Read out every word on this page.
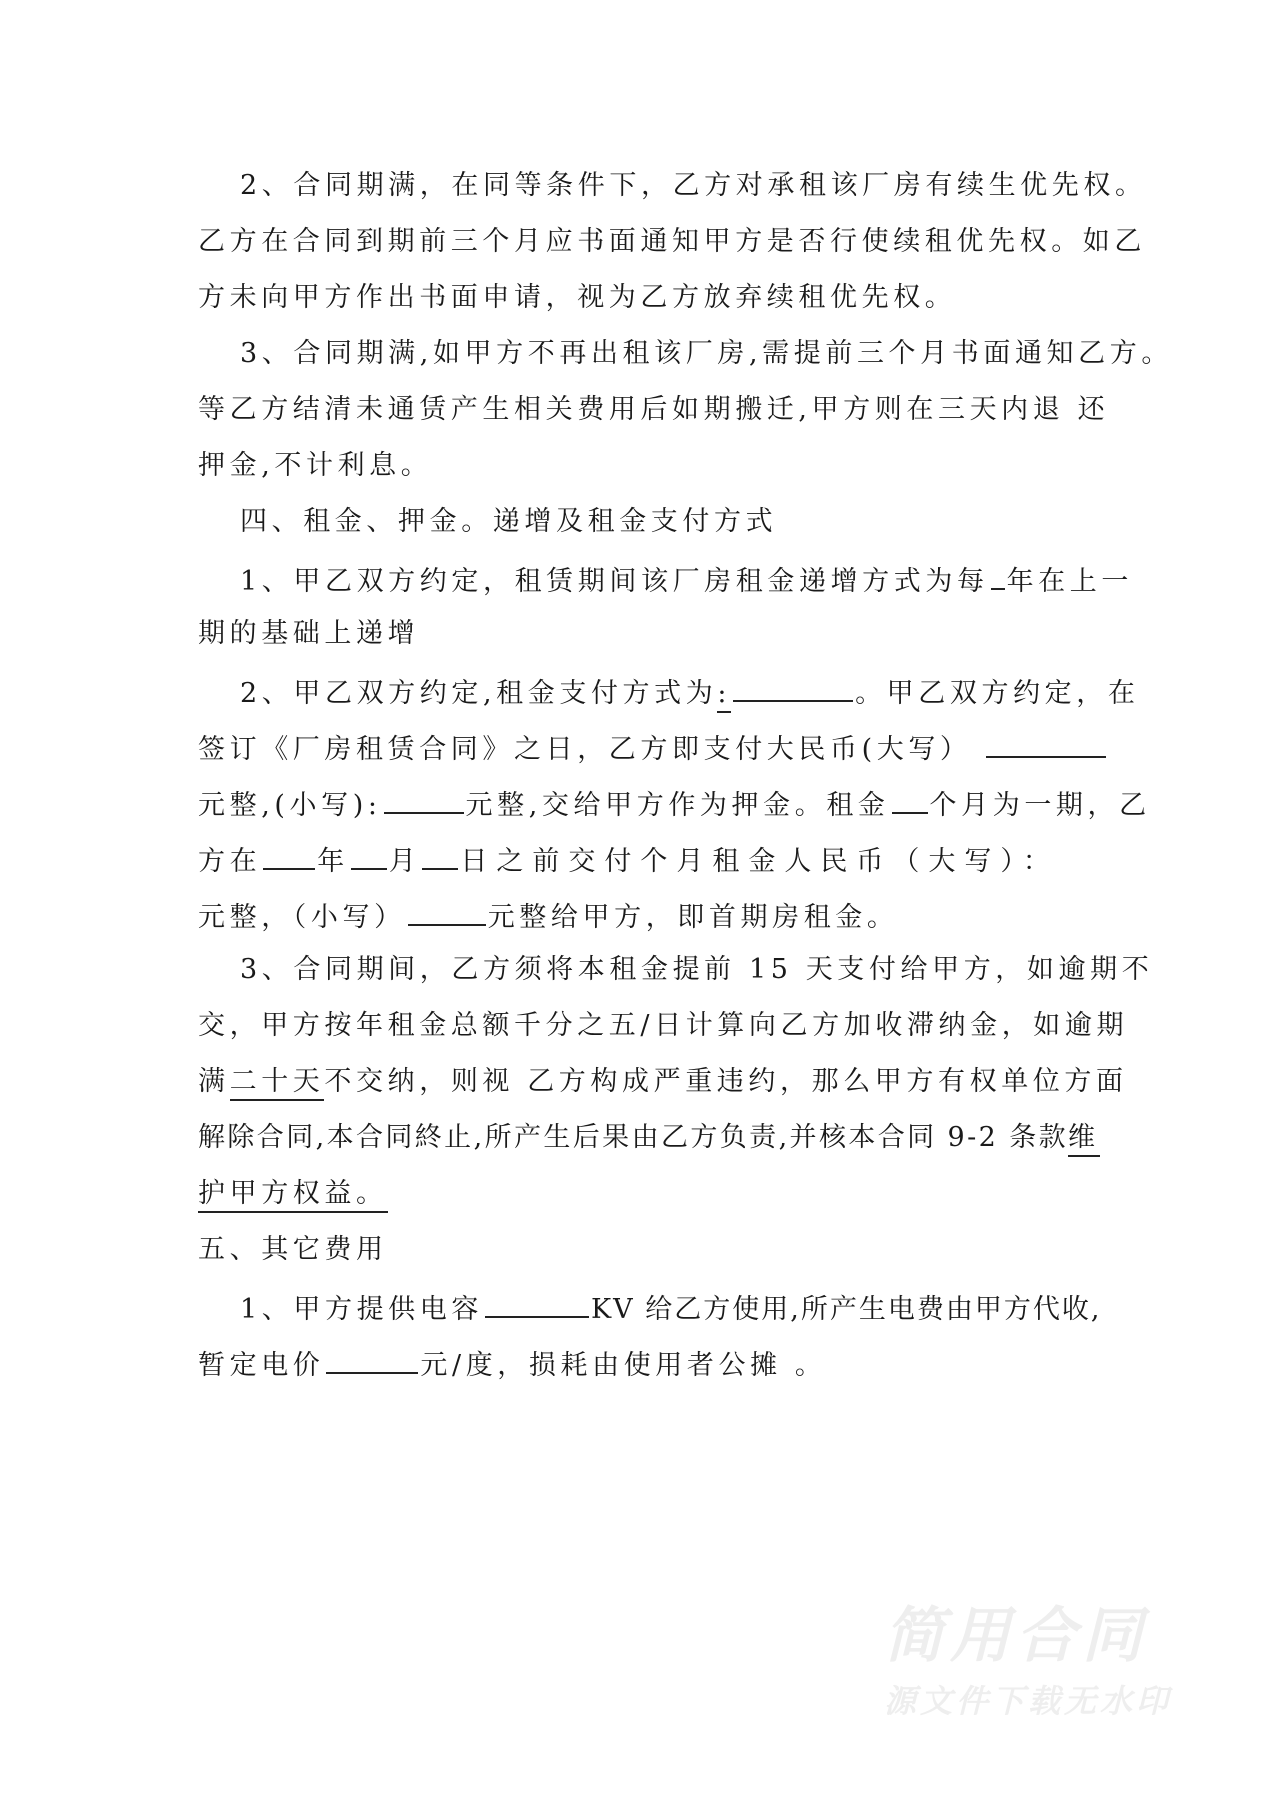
2、合同期满，在同等条件下，乙方对承租该厂房有续生优先权。
乙方在合同到期前三个月应书面通知甲方是否行使续租优先权。如乙
方未向甲方作出书面申请，视为乙方放弃续租优先权。
3、合同期满,如甲方不再出租该厂房,需提前三个月书面通知乙方。
等乙方结清未通赁产生相关费用后如期搬迁,甲方则在三天内退 还
押金,不计利息。
四、租金、押金。递增及租金支付方式
1、甲乙双方约定，租赁期间该厂房租金递增方式为每 年在上一
期的基础上递增
2、甲乙双方约定,租金支付方式为:	。甲乙双方约定，在
签订《厂房租赁合同》之日，乙方即支付大民币(大写）
元整,(小写):	元整,交给甲方作为押金。租金 个月为一期，乙
方在 年 月 日之前交付个月租金人民币（大写）：
元整，（小写）	元整给甲方，即首期房租金。
3、合同期间，乙方须将本租金提前 15 天支付给甲方，如逾期不
交，甲方按年租金总额千分之五/日计算向乙方加收滞纳金，如逾期
满二十天不交纳，则视 乙方构成严重违约，那么甲方有权单位方面
解除合同,本合同終止,所产生后果由乙方负责,并核本合同 9-2 条款维
护甲方权益。
五、其它费用
1、甲方提供电容	KV 给乙方使用,所产生电费由甲方代收,
暂定电价	元/度，损耗由使用者公摊 。
简用合同
源文件下载无水印
